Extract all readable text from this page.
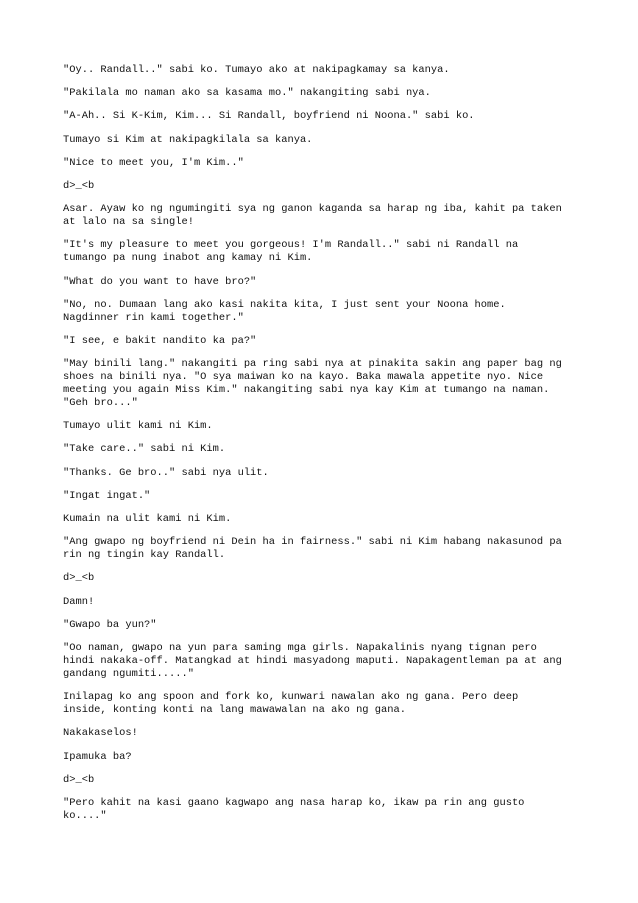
"Oy.. Randall.." sabi ko. Tumayo ako at nakipagkamay sa kanya.

"Pakilala mo naman ako sa kasama mo." nakangiting sabi nya.

"A-Ah.. Si K-Kim, Kim... Si Randall, boyfriend ni Noona." sabi ko.

Tumayo si Kim at nakipagkilala sa kanya.

"Nice to meet you, I'm Kim.."

d>_<b

Asar. Ayaw ko ng ngumingiti sya ng ganon kaganda sa harap ng iba, kahit pa taken
at lalo na sa single!

"It's my pleasure to meet you gorgeous! I'm Randall.." sabi ni Randall na
tumango pa nung inabot ang kamay ni Kim.

"What do you want to have bro?"

"No, no. Dumaan lang ako kasi nakita kita, I just sent your Noona home.
Nagdinner rin kami together."

"I see, e bakit nandito ka pa?"

"May binili lang." nakangiti pa ring sabi nya at pinakita sakin ang paper bag ng
shoes na binili nya. "O sya maiwan ko na kayo. Baka mawala appetite nyo. Nice
meeting you again Miss Kim." nakangiting sabi nya kay Kim at tumango na naman.
"Geh bro..."

Tumayo ulit kami ni Kim.

"Take care.." sabi ni Kim.

"Thanks. Ge bro.." sabi nya ulit.

"Ingat ingat."

Kumain na ulit kami ni Kim.

"Ang gwapo ng boyfriend ni Dein ha in fairness." sabi ni Kim habang nakasunod pa
rin ng tingin kay Randall.

d>_<b

Damn!

"Gwapo ba yun?"

"Oo naman, gwapo na yun para saming mga girls. Napakalinis nyang tignan pero
hindi nakaka-off. Matangkad at hindi masyadong maputi. Napakagentleman pa at ang
gandang ngumiti....."

Inilapag ko ang spoon and fork ko, kunwari nawalan ako ng gana. Pero deep
inside, konting konti na lang mawawalan na ako ng gana.

Nakakaselos!

Ipamuka ba?

d>_<b

"Pero kahit na kasi gaano kagwapo ang nasa harap ko, ikaw pa rin ang gusto
ko...."
